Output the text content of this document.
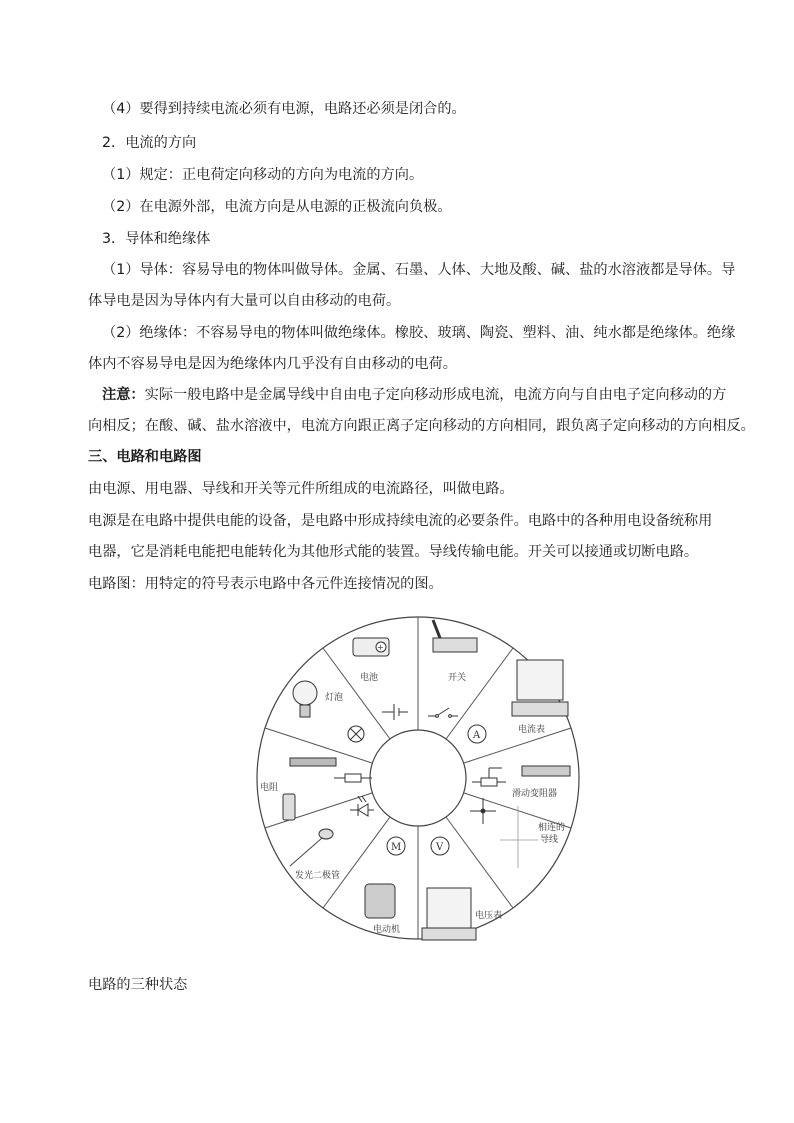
（4）要得到持续电流必须有电源，电路还必须是闭合的。
2．电流的方向
（1）规定：正电荷定向移动的方向为电流的方向。
（2）在电源外部，电流方向是从电源的正极流向负极。
3．导体和绝缘体
（1）导体：容易导电的物体叫做导体。金属、石墨、人体、大地及酸、碱、盐的水溶液都是导体。导
体导电是因为导体内有大量可以自由移动的电荷。
（2）绝缘体：不容易导电的物体叫做绝缘体。橡胶、玻璃、陶瓷、塑料、油、纯水都是绝缘体。绝缘
体内不容易导电是因为绝缘体内几乎没有自由移动的电荷。
注意：实际一般电路中是金属导线中自由电子定向移动形成电流，电流方向与自由电子定向移动的方
向相反；在酸、碱、盐水溶液中，电流方向跟正离子定向移动的方向相同，跟负离子定向移动的方向相反。
三、电路和电路图
由电源、用电器、导线和开关等元件所组成的电流路径，叫做电路。
电源是在电路中提供电能的设备，是电路中形成持续电流的必要条件。电路中的各种用电设备统称用
电器，它是消耗电能把电能转化为其他形式能的装置。导线传输电能。开关可以接通或切断电路。
电路图：用特定的符号表示电路中各元件连接情况的图。
+
电池	开关
电流表
A
滑动变阻器
相连的
导线
电压表
V
电动机
M
发光二极管
电阻
灯泡
电路的三种状态
